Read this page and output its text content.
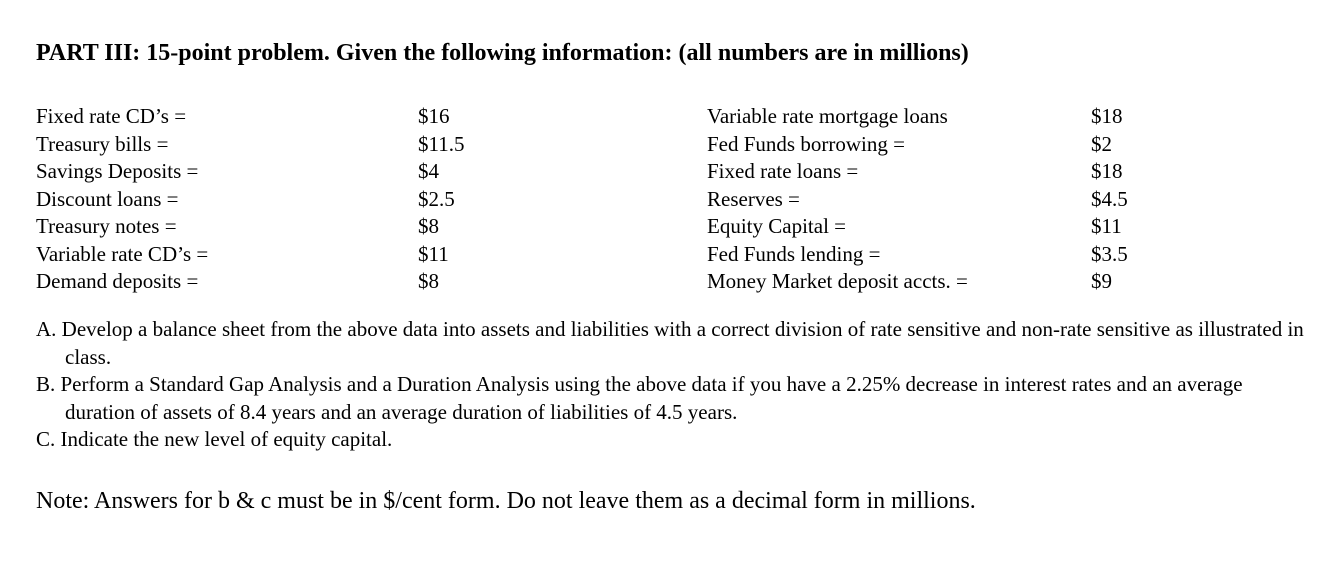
PART III: 15-point problem. Given the following information: (all numbers are in millions)
Fixed rate CD’s =	$16	Variable rate mortgage loans	$18
Treasury bills =	$11.5	Fed Funds borrowing =	$2
Savings Deposits =	$4	Fixed rate loans =	$18
Discount loans =	$2.5	Reserves =	$4.5
Treasury notes =	$8	Equity Capital =	$11
Variable rate CD’s =	$11	Fed Funds lending =	$3.5
Demand deposits =	$8	Money Market deposit accts. =	$9
A. Develop a balance sheet from the above data into assets and liabilities with a correct division of rate sensitive and non-rate sensitive as illustrated in class.
B. Perform a Standard Gap Analysis and a Duration Analysis using the above data if you have a 2.25% decrease in interest rates and an average duration of assets of 8.4 years and an average duration of liabilities of 4.5 years.
C. Indicate the new level of equity capital.
Note: Answers for b & c must be in $/cent form. Do not leave them as a decimal form in millions.
